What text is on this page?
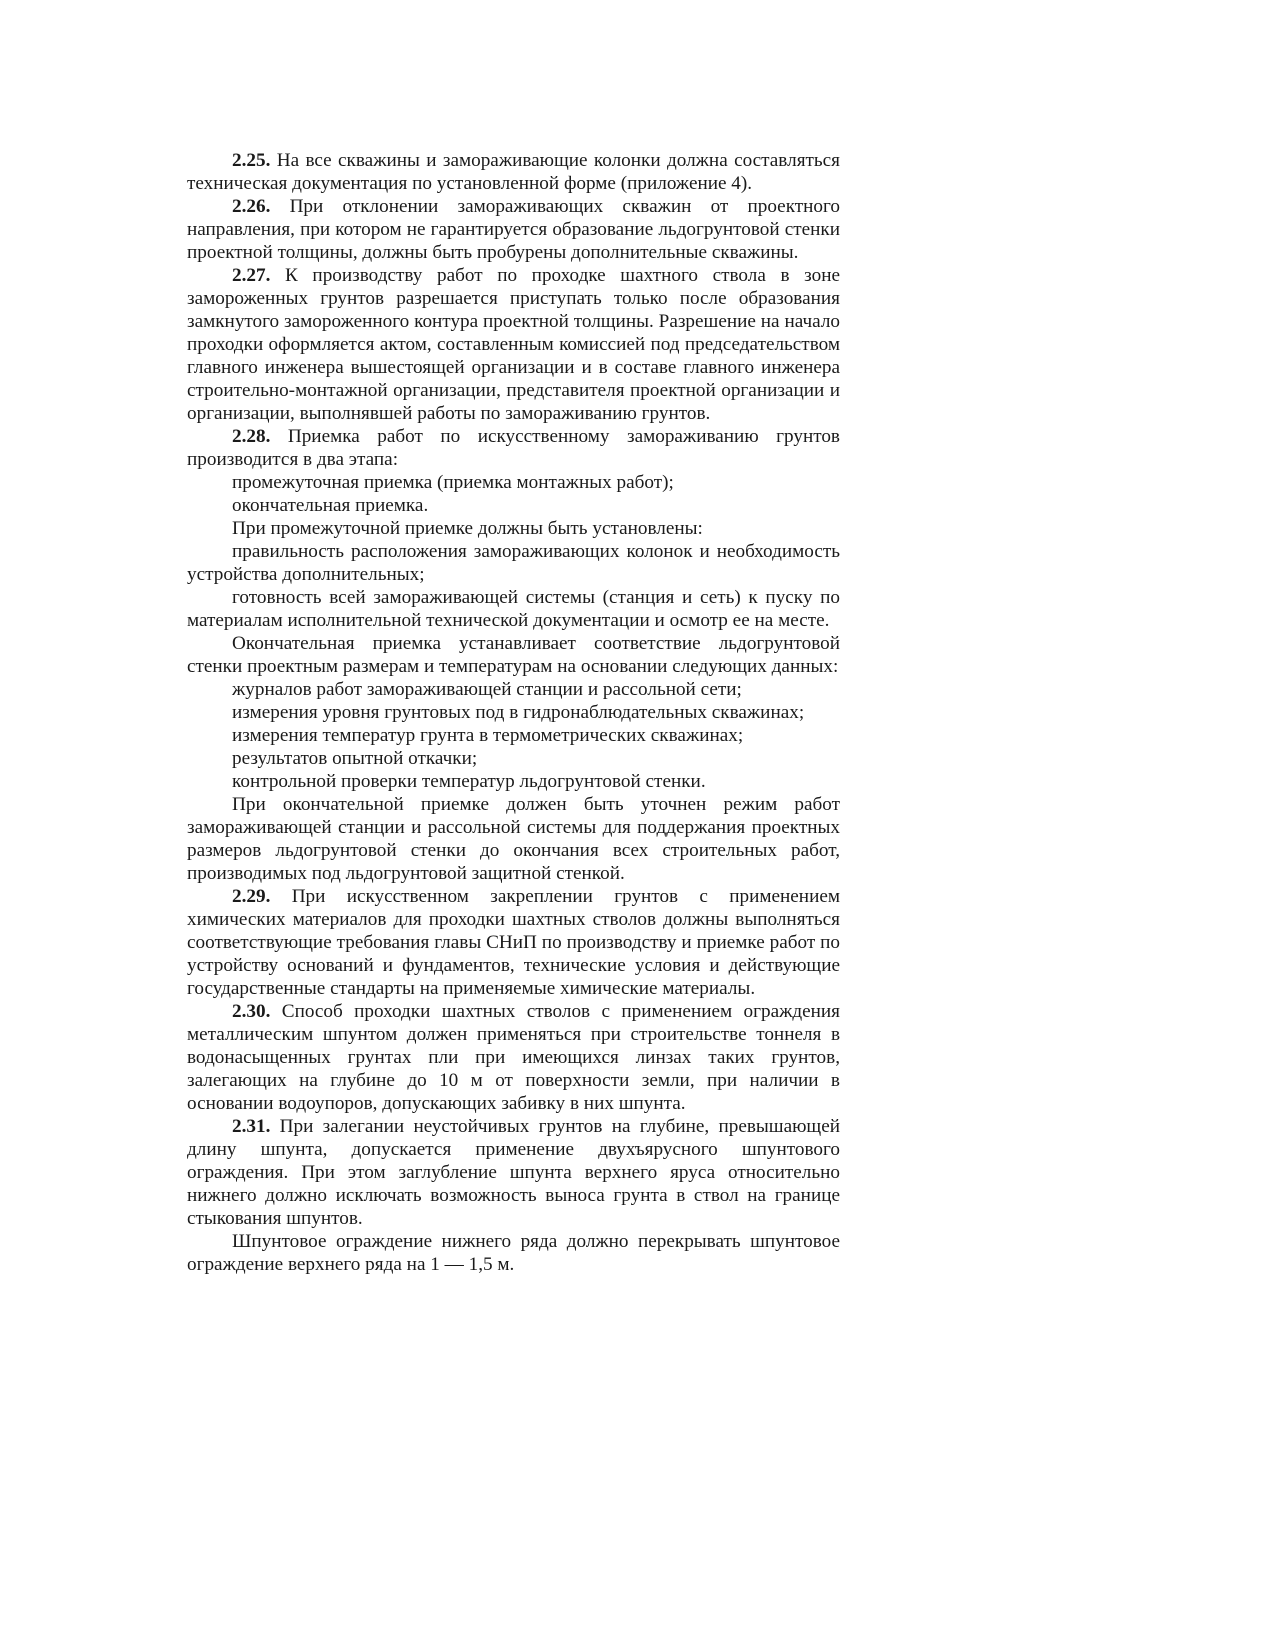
2.25. На все скважины и замораживающие колонки должна составляться техническая документация по установленной форме (приложение 4).

2.26. При отклонении замораживающих скважин от проектного направления, при котором не гарантируется образование льдогрунтовой стенки проектной толщины, должны быть пробурены дополнительные скважины.

2.27. К производству работ по проходке шахтного ствола в зоне замороженных грунтов разрешается приступать только после образования замкнутого замороженного контура проектной толщины. Разрешение на начало проходки оформляется актом, составленным комиссией под председательством главного инженера вышестоящей организации и в составе главного инженера строительно-монтажной организации, представителя проектной организации и организации, выполнявшей работы по замораживанию грунтов.

2.28. Приемка работ по искусственному замораживанию грунтов производится в два этапа:

промежуточная приемка (приемка монтажных работ);

окончательная приемка.

При промежуточной приемке должны быть установлены:

правильность расположения замораживающих колонок и необходимость устройства дополнительных;

готовность всей замораживающей системы (станция и сеть) к пуску по материалам исполнительной технической документации и осмотр ее на месте.

Окончательная приемка устанавливает соответствие льдогрунтовой стенки проектным размерам и температурам на основании следующих данных:

журналов работ замораживающей станции и рассольной сети;

измерения уровня грунтовых под в гидронаблюдательных скважинах;

измерения температур грунта в термометрических скважинах;

результатов опытной откачки;

контрольной проверки температур льдогрунтовой стенки.

При окончательной приемке должен быть уточнен режим работ замораживающей станции и рассольной системы для поддержания проектных размеров льдогрунтовой стенки до окончания всех строительных работ, производимых под льдогрунтовой защитной стенкой.

2.29. При искусственном закреплении грунтов с применением химических материалов для проходки шахтных стволов должны выполняться соответствующие требования главы СНиП по производству и приемке работ по устройству оснований и фундаментов, технические условия и действующие государственные стандарты на применяемые химические материалы.

2.30. Способ проходки шахтных стволов с применением ограждения металлическим шпунтом должен применяться при строительстве тоннеля в водонасыщенных грунтах пли при имеющихся линзах таких грунтов, залегающих на глубине до 10 м от поверхности земли, при наличии в основании водоупоров, допускающих забивку в них шпунта.

2.31. При залегании неустойчивых грунтов на глубине, превышающей длину шпунта, допускается применение двухъярусного шпунтового ограждения. При этом заглубление шпунта верхнего яруса относительно нижнего должно исключать возможность выноса грунта в ствол на границе стыкования шпунтов.

Шпунтовое ограждение нижнего ряда должно перекрывать шпунтовое ограждение верхнего ряда на 1 — 1,5 м.
